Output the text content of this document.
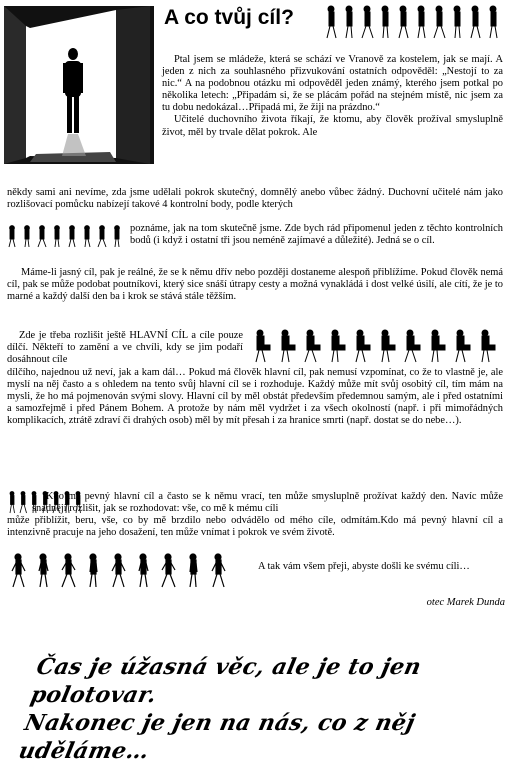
A co tvůj cíl?

Ptal jsem se mládeže, která se schází ve Vranově za kostelem, jak se mají. A jeden z nich za souhlasného přizvukování ostatních odpověděl: „Nestojí to za nic.“ A na podobnou otázku mi odpověděl jeden známý, kterého jsem potkal po několika letech: „Připadám si, že se plácám pořád na stejném místě, nic jsem za tu dobu nedokázal…Připadá mi, že žiji na prázdno.“

Učitelé duchovního života říkají, že ktomu, aby člověk prožíval smysluplně život, měl by trvale dělat pokrok. Ale

někdy sami ani nevíme, zda jsme udělali pokrok skutečný, domnělý anebo vůbec žádný. Duchovní učitelé nám jako rozlišovací pomůcku nabízejí takové 4 kontrolní body, podle kterých
poznáme, jak na tom skutečně jsme. Zde bych rád připomenul jeden z těchto kontrolních bodů (i když i ostatní tři jsou neméně zajímavé a důležité). Jedná se o cíl.
Máme-li jasný cíl, pak je reálné, že se k němu dřív nebo později dostaneme alespoň přiblížíme. Pokud člověk nemá cíl, pak se může podobat poutníkovi, který sice snáší útrapy cesty a možná vynakládá i dost velké úsilí, ale cítí, že je to marné a každý další den ba i krok se stává stále těžším.
Zde je třeba rozlišit ještě HLAVNÍ CÍL a cíle pouze dílčí. Někteří to zamění a ve chvíli, kdy se jim podaří dosáhnout cíle
dílčího, najednou už neví, jak a kam dál… Pokud má člověk hlavní cíl, pak nemusí vzpomínat, co že to vlastně je, ale myslí na něj často a s ohledem na tento svůj hlavní cíl se i rozhoduje. Každý může mít svůj osobitý cíl, tím mám na mysli, že ho má pojmenován svými slovy. Hlavní cíl by měl obstát především předemnou samým, ale i před ostatními a samozřejmě i před Pánem Bohem. A protože by nám měl vydržet i za všech okolností (např. i při mimořádných komplikacích, ztrátě zdraví či drahých osob) měl by mít přesah i za hranice smrti (např. dostat se do nebe…).
Kdo má pevný hlavní cíl a často se k němu vrací, ten může smysluplně prožívat každý den. Navíc může snadněji rozlišit, jak se rozhodovat: vše, co mě k mému cíli
může přiblížit, beru, vše, co by mě brzdilo nebo odvádělo od mého cíle, odmítám.Kdo má pevný hlavní cíl a intenzivně pracuje na jeho dosažení, ten může vnímat i pokrok ve svém životě.
A tak vám všem přeji, abyste došli ke svému cíli…
otec Marek Dunda
Čas je úžasná věc, ale je to jen polotovar.
Nakonec je jen na nás, co z něj uděláme…
